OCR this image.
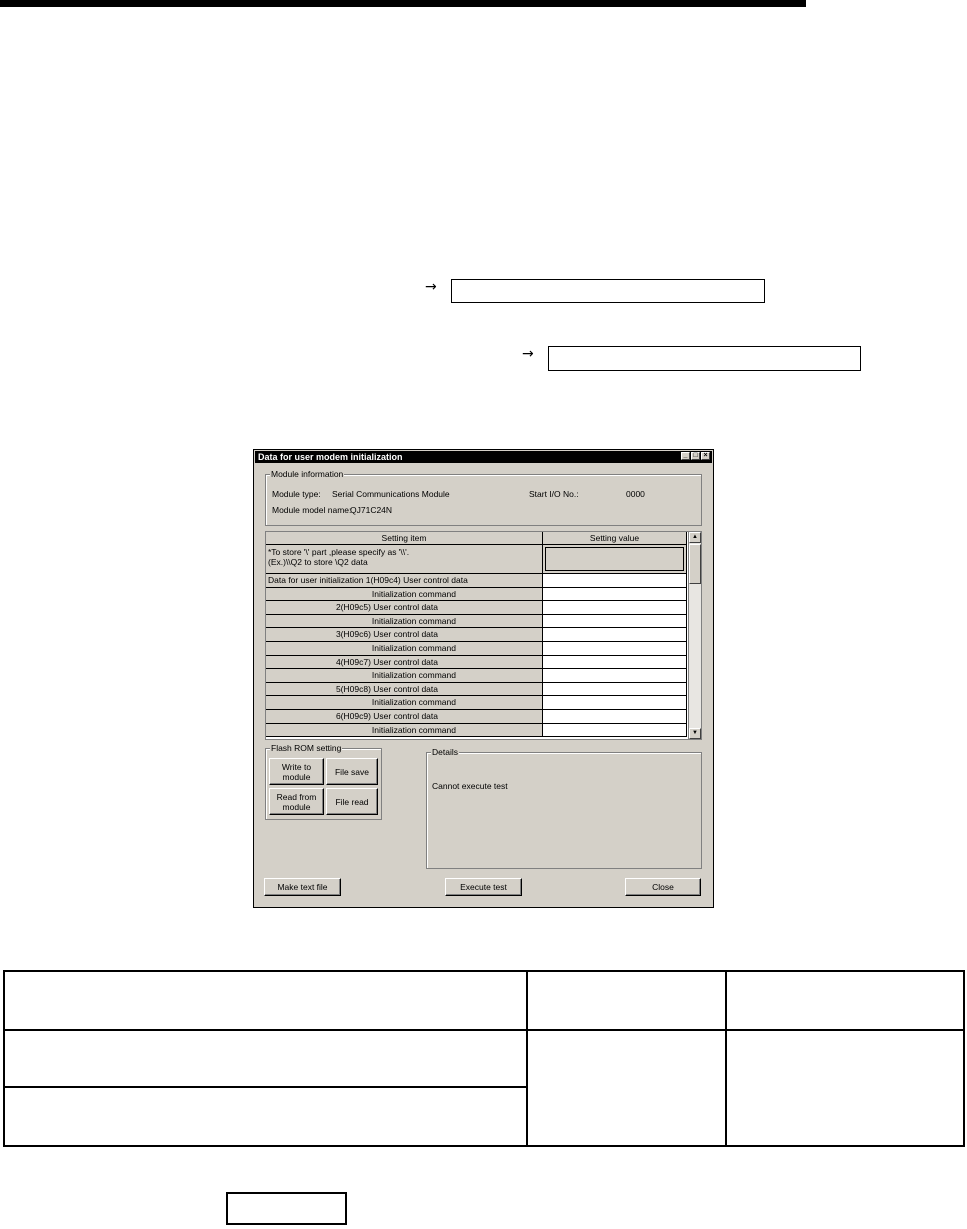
→
→
Data for user modem initialization	_ □ ×
Module information
Module type: Serial Communications Module	Start I/O No.:	0000
Module model name:
QJ71C24N
Setting item	Setting value
*To store '\' part ,please specify as '\\'.
(Ex.)\\Q2 to store \Q2 data
Data for user initialization 1(H09c4) User control data
Initialization command
2(H09c5) User control data
Initialization command
3(H09c6) User control data
Initialization command
4(H09c7) User control data
Initialization command
5(H09c8) User control data
Initialization command
6(H09c9) User control data
Initialization command
▲
▼
Flash ROM setting
Write to
module	File save
Read from
module	File read
Details
Cannot execute test
Make text file	Execute test	Close
